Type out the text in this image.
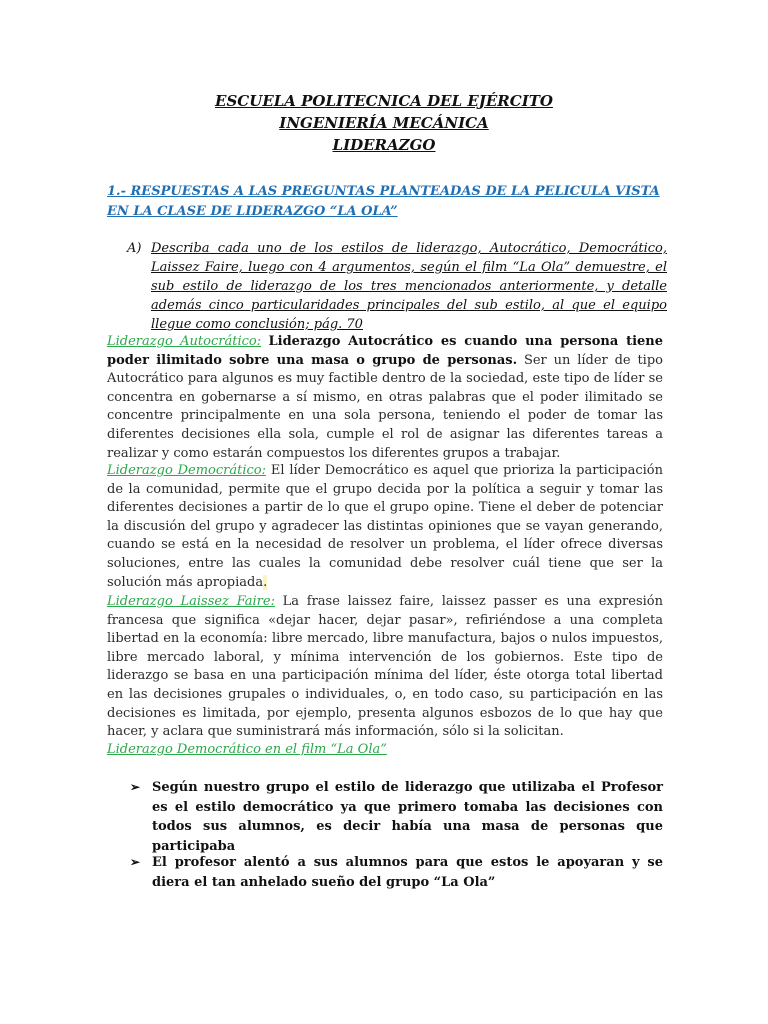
ESCUELA POLITECNICA DEL EJÉRCITO
INGENIERÍA MECÁNICA
LIDERAZGO
1.- RESPUESTAS A LAS PREGUNTAS PLANTEADAS DE LA PELICULA VISTA EN LA CLASE DE LIDERAZGO “LA OLA”
A) Describa cada uno de los estilos de liderazgo, Autocrático, Democrático, Laissez Faire, luego con 4 argumentos, según el film “La Ola” demuestre, el sub estilo de liderazgo de los tres mencionados anteriormente, y detalle además cinco particularidades principales del sub estilo, al que el equipo llegue como conclusión; pág. 70
Liderazgo Autocrático: Liderazgo Autocrático es cuando una persona tiene poder ilimitado sobre una masa o grupo de personas. Ser un líder de tipo Autocrático para algunos es muy factible dentro de la sociedad, este tipo de líder se concentra en gobernarse a sí mismo, en otras palabras que el poder ilimitado se concentre principalmente en una sola persona, teniendo el poder de tomar las diferentes decisiones ella sola, cumple el rol de asignar las diferentes tareas a realizar y como estarán compuestos los diferentes grupos a trabajar.
Liderazgo Democrático: El líder Democrático es aquel que prioriza la participación de la comunidad, permite que el grupo decida por la política a seguir y tomar las diferentes decisiones a partir de lo que el grupo opine. Tiene el deber de potenciar la discusión del grupo y agradecer las distintas opiniones que se vayan generando, cuando se está en la necesidad de resolver un problema, el líder ofrece diversas soluciones, entre las cuales la comunidad debe resolver cuál tiene que ser la solución más apropiada.
Liderazgo Laissez Faire: La frase laissez faire, laissez passer es una expresión francesa que significa «dejar hacer, dejar pasar», refiriéndose a una completa libertad en la economía: libre mercado, libre manufactura, bajos o nulos impuestos, libre mercado laboral, y mínima intervención de los gobiernos. Este tipo de liderazgo se basa en una participación mínima del líder, éste otorga total libertad en las decisiones grupales o individuales, o, en todo caso, su participación en las decisiones es limitada, por ejemplo, presenta algunos esbozos de lo que hay que hacer, y aclara que suministrará más información, sólo si la solicitan.
Liderazgo Democrático en el film “La Ola”
➢ Según nuestro grupo el estilo de liderazgo que utilizaba el Profesor es el estilo democrático ya que primero tomaba las decisiones con todos sus alumnos, es decir había una masa de personas que participaba
➢ El profesor alentó a sus alumnos para que estos le apoyaran y se diera el tan anhelado sueño del grupo “La Ola”
